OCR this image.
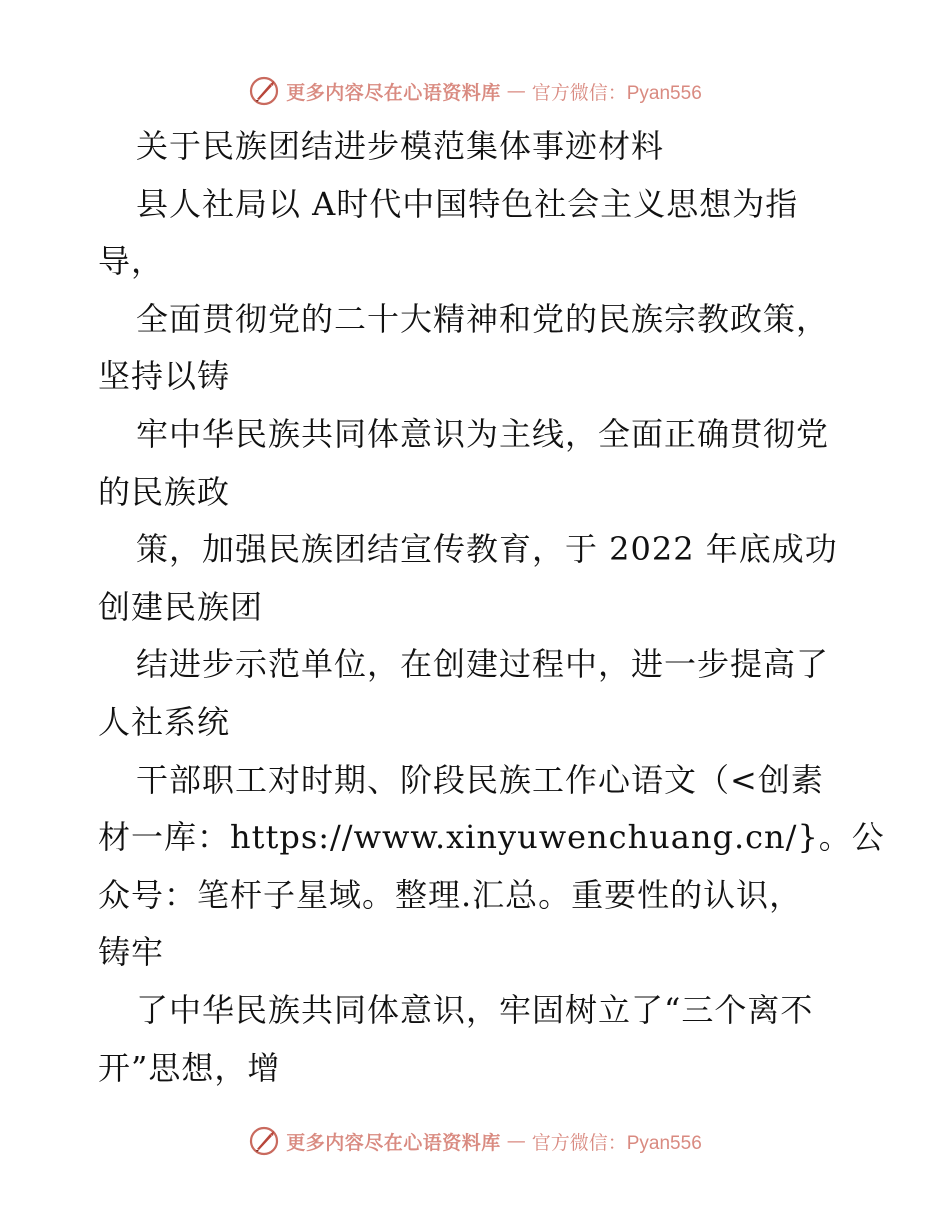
更多内容尽在心语资料库 — 官方微信：Pyan556
关于民族团结进步模范集体事迹材料
县人社局以 A时代中国特色社会主义思想为指
导，
全面贯彻党的二十大精神和党的民族宗教政策，
坚持以铸
牢中华民族共同体意识为主线，全面正确贯彻党
的民族政
策，加强民族团结宣传教育，于 2022 年底成功
创建民族团
结进步示范单位，在创建过程中，进一步提高了
人社系统
干部职工对时期、阶段民族工作心语文（<创素
材一库：https://www.xinyuwenchuang.cn/}。公
众号：笔杆子星域。整理.汇总。重要性的认识，
铸牢
了中华民族共同体意识，牢固树立了“三个离不
开”思想，增
更多内容尽在心语资料库 — 官方微信：Pyan556
